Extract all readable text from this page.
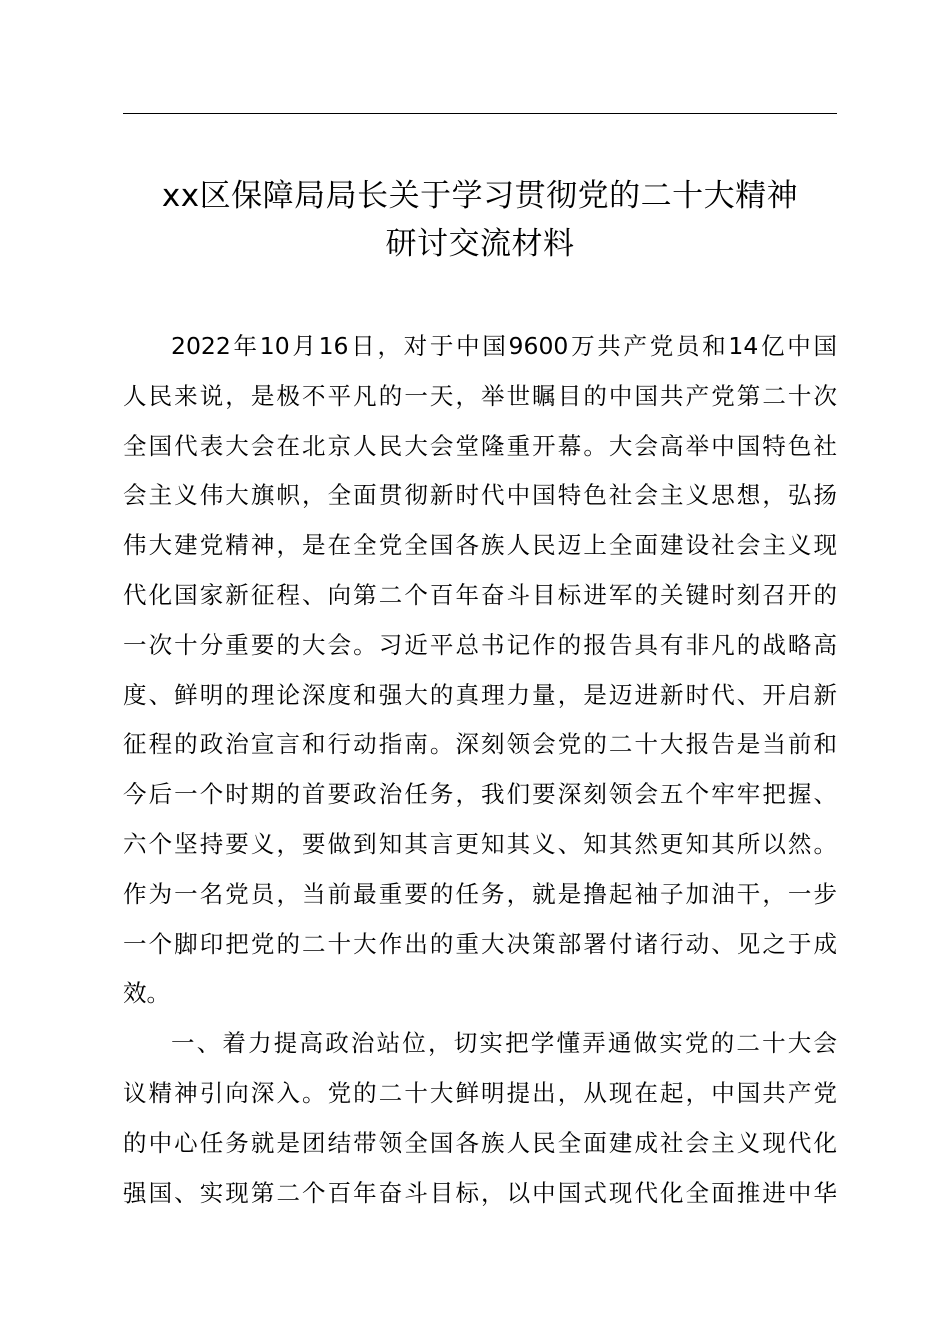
xx区保障局局长关于学习贯彻党的二十大精神
研讨交流材料
2022年10月16日，对于中国9600万共产党员和14亿中国
人民来说，是极不平凡的一天，举世瞩目的中国共产党第二十次
全国代表大会在北京人民大会堂隆重开幕。大会高举中国特色社
会主义伟大旗帜，全面贯彻新时代中国特色社会主义思想，弘扬
伟大建党精神，是在全党全国各族人民迈上全面建设社会主义现
代化国家新征程、向第二个百年奋斗目标进军的关键时刻召开的
一次十分重要的大会。习近平总书记作的报告具有非凡的战略高
度、鲜明的理论深度和强大的真理力量，是迈进新时代、开启新
征程的政治宣言和行动指南。深刻领会党的二十大报告是当前和
今后一个时期的首要政治任务，我们要深刻领会五个牢牢把握、
六个坚持要义，要做到知其言更知其义、知其然更知其所以然。
作为一名党员，当前最重要的任务，就是撸起袖子加油干，一步
一个脚印把党的二十大作出的重大决策部署付诸行动、见之于成
效。
一、着力提高政治站位，切实把学懂弄通做实党的二十大会
议精神引向深入。党的二十大鲜明提出，从现在起，中国共产党
的中心任务就是团结带领全国各族人民全面建成社会主义现代化
强国、实现第二个百年奋斗目标，以中国式现代化全面推进中华
